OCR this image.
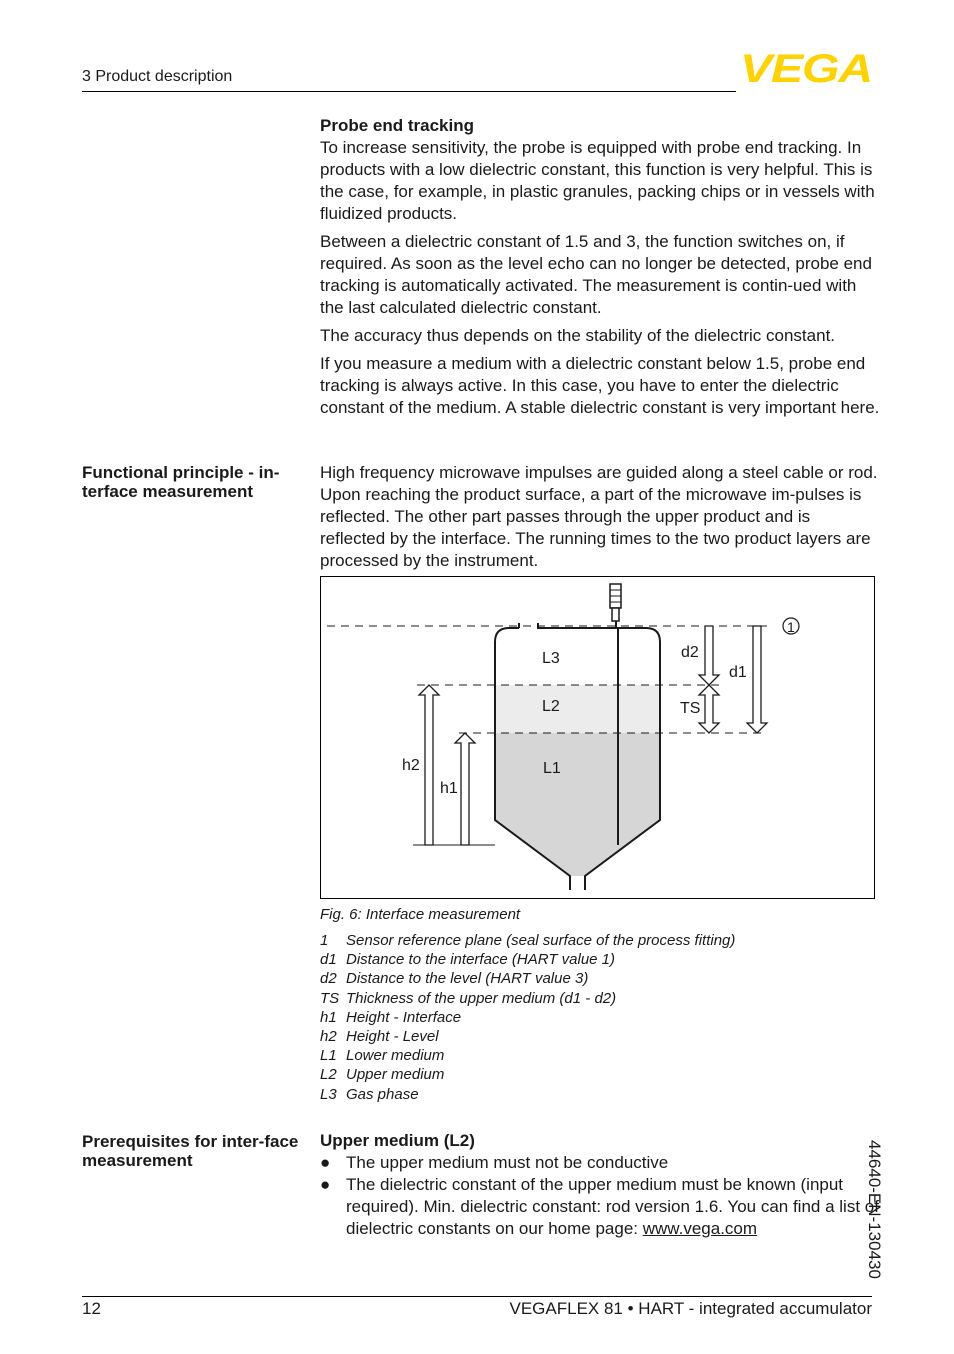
3 Product description	VEGA
Probe end tracking

To increase sensitivity, the probe is equipped with probe end tracking. In products with a low dielectric constant, this function is very helpful. This is the case, for example, in plastic granules, packing chips or in vessels with fluidized products.

Between a dielectric constant of 1.5 and 3, the function switches on, if required. As soon as the level echo can no longer be detected, probe end tracking is automatically activated. The measurement is contin-ued with the last calculated dielectric constant.

The accuracy thus depends on the stability of the dielectric constant.

If you measure a medium with a dielectric constant below 1.5, probe end tracking is always active. In this case, you have to enter the dielectric constant of the medium. A stable dielectric constant is very important here.

Functional principle - in-terface measurement
High frequency microwave impulses are guided along a steel cable or rod. Upon reaching the product surface, a part of the microwave im-pulses is reflected. The other part passes through the upper product and is reflected by the interface. The running times to the two product layers are processed by the instrument.
1
L3
L2
L1
d2
d1
TS
h2
h1
Fig. 6: Interface measurement
1	Sensor reference plane (seal surface of the process fitting)
d1 Distance to the interface (HART value 1)
d2 Distance to the level (HART value 3)
TS Thickness of the upper medium (d1 - d2)
h1 Height - Interface
h2 Height - Level
L1 Lower medium
L2 Upper medium
L3 Gas phase
Prerequisites for inter-face measurement
Upper medium (L2)
● The upper medium must not be conductive
● The dielectric constant of the upper medium must be known (input required). Min. dielectric constant: rod version 1.6. You can find a list of dielectric constants on our home page: www.vega.com	44640-EN-130430
12	VEGAFLEX 81 • HART - integrated accumulator
